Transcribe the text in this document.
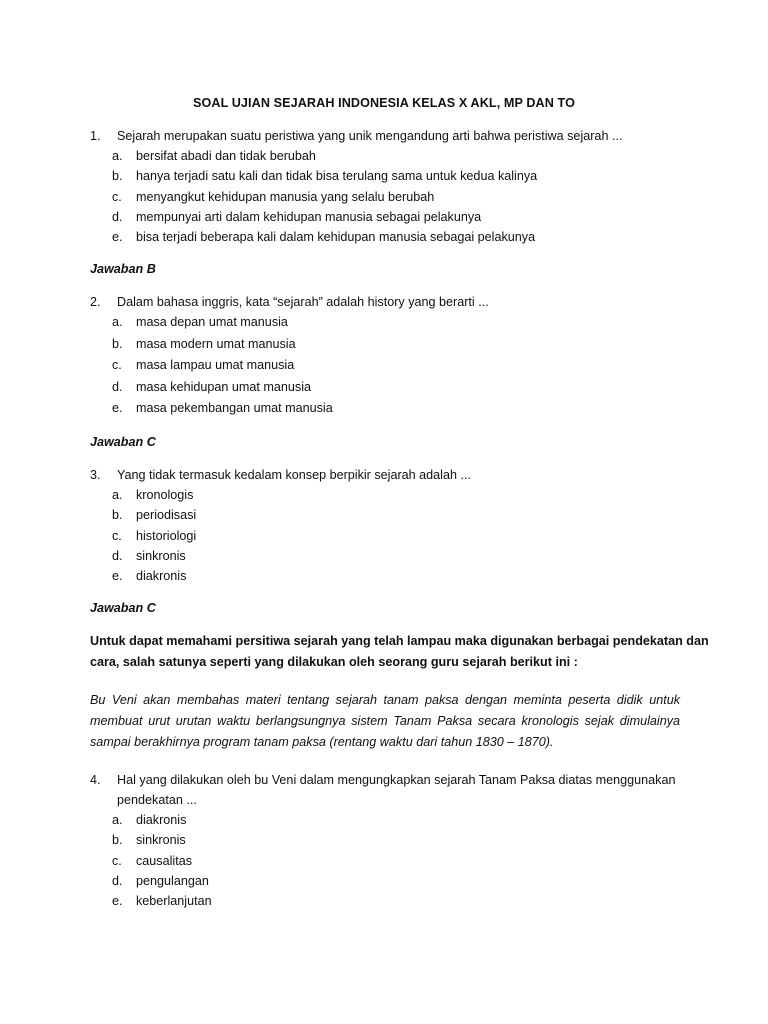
SOAL UJIAN SEJARAH INDONESIA KELAS X AKL, MP DAN TO
1. Sejarah merupakan suatu peristiwa yang unik mengandung arti bahwa peristiwa sejarah ...
a. bersifat abadi dan tidak berubah
b. hanya terjadi satu kali dan tidak bisa terulang sama untuk kedua kalinya
c. menyangkut kehidupan manusia yang selalu berubah
d. mempunyai arti dalam kehidupan manusia sebagai pelakunya
e. bisa terjadi beberapa kali dalam kehidupan manusia sebagai pelakunya
Jawaban B
2. Dalam bahasa inggris, kata “sejarah” adalah history yang berarti ...
a. masa depan umat manusia
b. masa modern umat manusia
c. masa lampau umat manusia
d. masa kehidupan umat manusia
e. masa pekembangan umat manusia
Jawaban C
3. Yang tidak termasuk kedalam konsep berpikir sejarah adalah ...
a. kronologis
b. periodisasi
c. historiologi
d. sinkronis
e. diakronis
Jawaban C
Untuk dapat memahami persitiwa sejarah yang telah lampau maka digunakan berbagai pendekatan dan
cara, salah satunya seperti yang dilakukan oleh seorang guru sejarah berikut ini :
Bu Veni akan membahas materi tentang sejarah tanam paksa dengan meminta peserta didik untuk
membuat urut urutan waktu berlangsungnya sistem Tanam Paksa secara kronologis sejak dimulainya
sampai berakhirnya program tanam paksa (rentang waktu dari tahun 1830 – 1870).
4. Hal yang dilakukan oleh bu Veni dalam mengungkapkan sejarah Tanam Paksa diatas menggunakan
pendekatan ...
a. diakronis
b. sinkronis
c. causalitas
d. pengulangan
e. keberlanjutan
